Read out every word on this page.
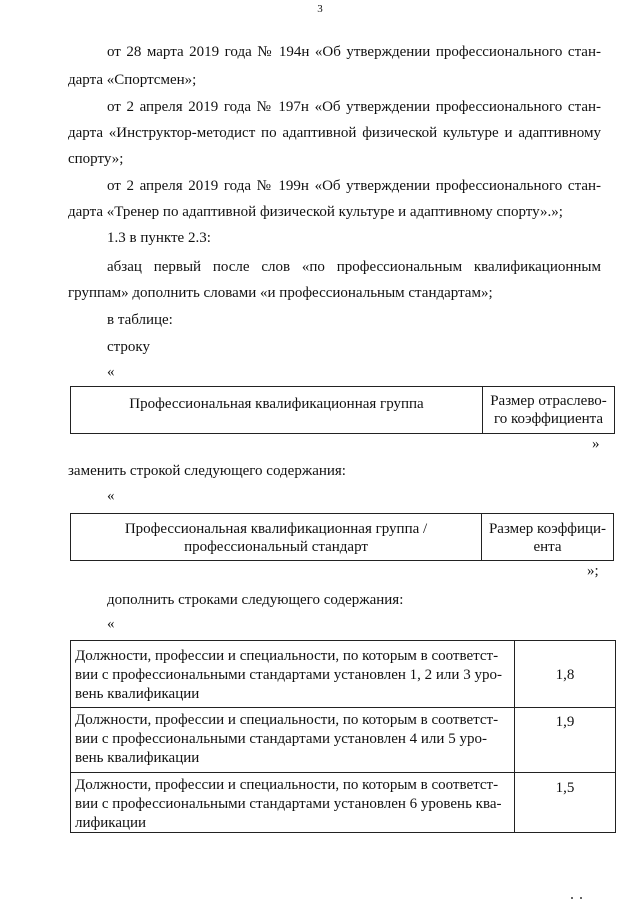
3
от 28 марта 2019 года № 194н «Об утверждении профессионального стан-
дарта «Спортсмен»;
от 2 апреля 2019 года № 197н «Об утверждении профессионального стан-
дарта «Инструктор-методист по адаптивной физической культуре и адаптивному
спорту»;
от 2 апреля 2019 года № 199н «Об утверждении профессионального стан-
дарта «Тренер по адаптивной физической культуре и адаптивному спорту».»;
1.3 в пункте 2.3:
абзац первый после слов «по профессиональным квалификационным
группам» дополнить словами «и профессиональным стандартам»;
в таблице:
строку
«
Профессиональная квалификационная группа	Размер отраслево-
го коэффициента
»
заменить строкой следующего содержания:
«
Профессиональная квалификационная группа /
профессиональный стандарт
Размер коэффици-
ента
»;
дополнить строками следующего содержания:
«
Должности, профессии и специальности, по которым в соответст-
вии с профессиональными стандартами установлен 1, 2 или 3 уро-
вень квалификации
1,8
Должности, профессии и специальности, по которым в соответст-
вии с профессиональными стандартами установлен 4 или 5 уро-
вень квалификации
1,9
Должности, профессии и специальности, по которым в соответст-
вии с профессиональными стандартами установлен 6 уровень ква-
лификации
1,5
